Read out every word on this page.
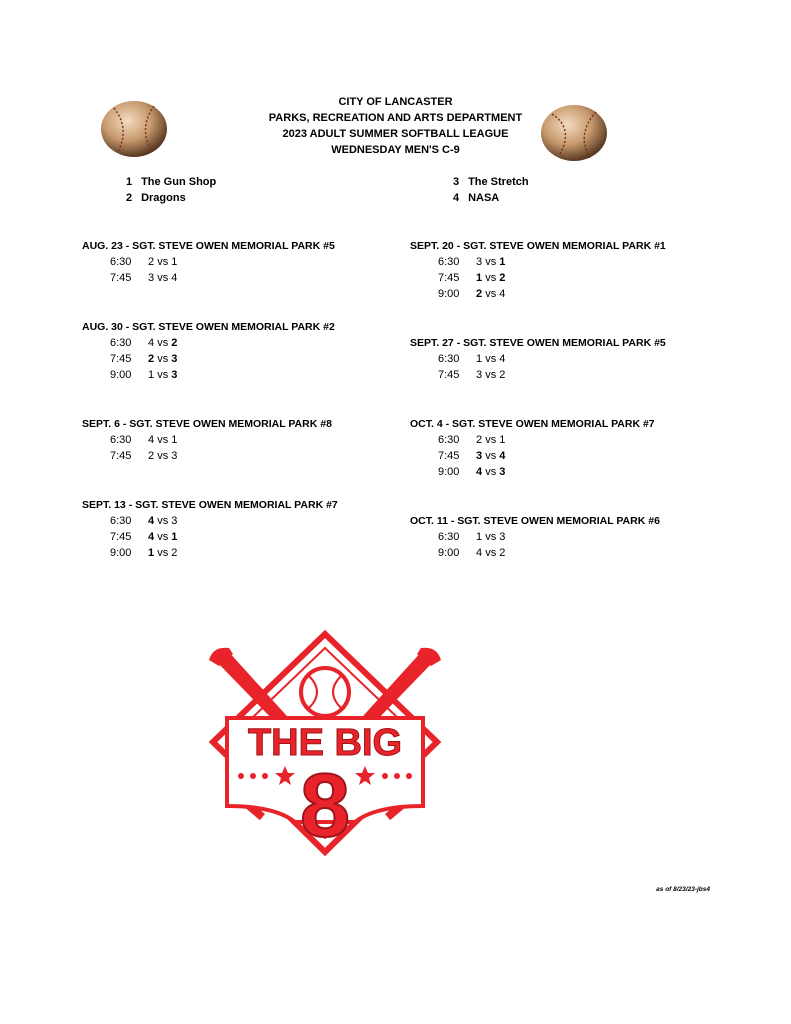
CITY OF LANCASTER
PARKS, RECREATION AND ARTS DEPARTMENT
2023 ADULT SUMMER SOFTBALL LEAGUE
WEDNESDAY MEN'S C-9
1 The Gun Shop
2 Dragons
3 The Stretch
4 NASA
AUG. 23 - SGT. STEVE OWEN MEMORIAL PARK #5
6:30	2 vs 1
7:45	3 vs 4
AUG. 30 - SGT. STEVE OWEN MEMORIAL PARK #2
6:30	4 vs 2
7:45	2 vs 3
9:00	1 vs 3
SEPT. 6 - SGT. STEVE OWEN MEMORIAL PARK #8
6:30	4 vs 1
7:45	2 vs 3
SEPT. 13 - SGT. STEVE OWEN MEMORIAL PARK #7
6:30	4 vs 3
7:45	4 vs 1
9:00	1 vs 2
SEPT. 20 - SGT. STEVE OWEN MEMORIAL PARK #1
6:30	3 vs 1
7:45	1 vs 2
9:00	2 vs 4
SEPT. 27 - SGT. STEVE OWEN MEMORIAL PARK #5
6:30	1 vs 4
7:45	3 vs 2
OCT. 4 - SGT. STEVE OWEN MEMORIAL PARK #7
6:30	2 vs 1
7:45	3 vs 4
9:00	4 vs 3
OCT. 11 - SGT. STEVE OWEN MEMORIAL PARK #6
6:30	1 vs 3
9:00	4 vs 2
THE BIG
8
as of 8/23/23-jbs4
